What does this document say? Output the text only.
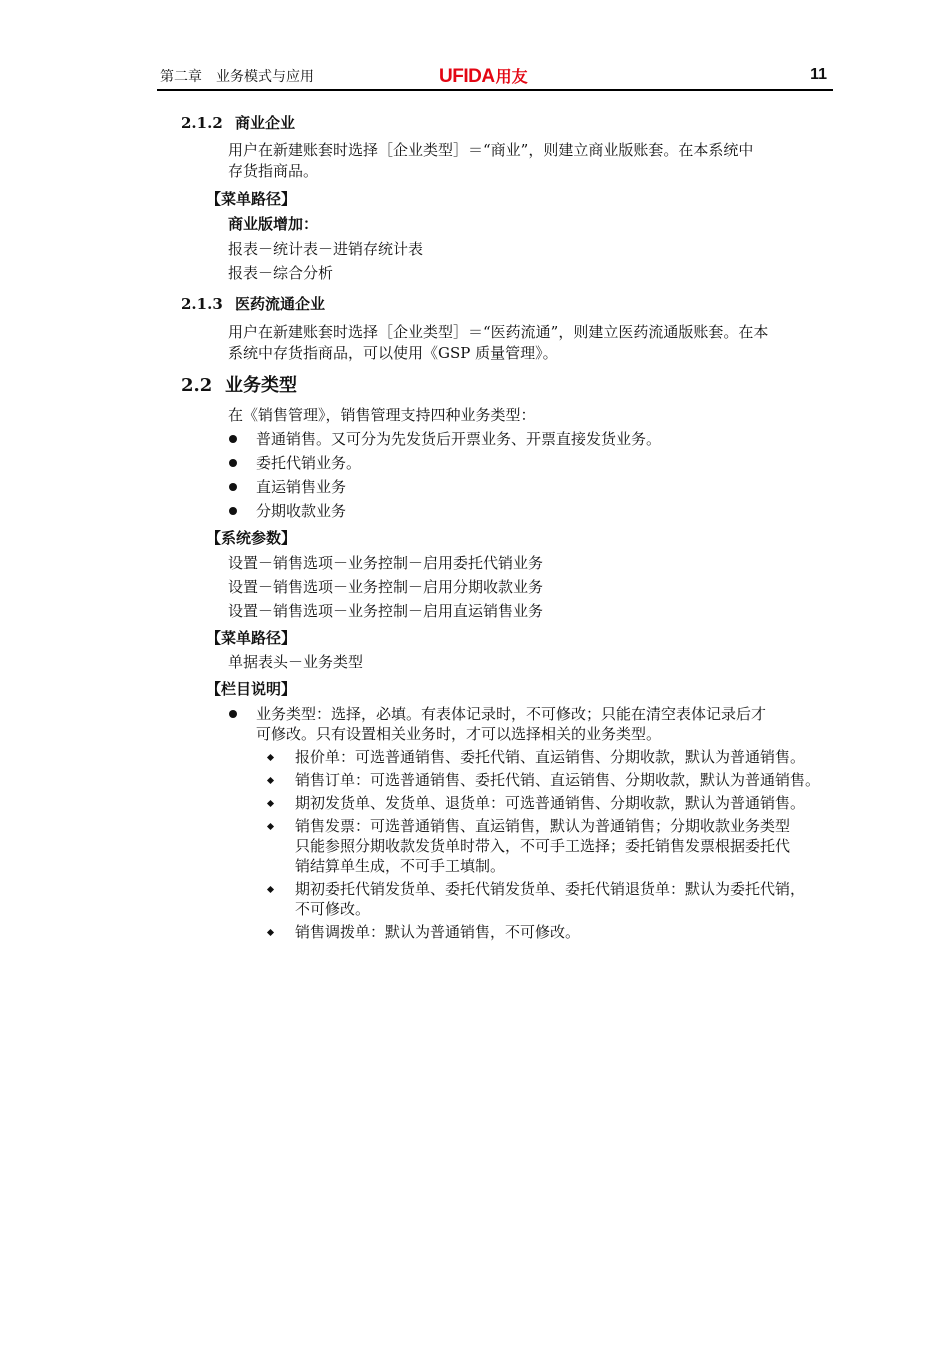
第二章　业务模式与应用	UFIDA用友	11
2.1.2 商业企业
用户在新建账套时选择［企业类型］＝“商业”，则建立商业版账套。在本系统中
存货指商品。
【菜单路径】
商业版增加：
报表－统计表－进销存统计表
报表－综合分析
2.1.3 医药流通企业
用户在新建账套时选择［企业类型］＝“医药流通”，则建立医药流通版账套。在本
系统中存货指商品，可以使用《GSP 质量管理》。
2.2 业务类型
在《销售管理》，销售管理支持四种业务类型：
普通销售。又可分为先发货后开票业务、开票直接发货业务。
委托代销业务。
直运销售业务
分期收款业务
【系统参数】
设置－销售选项－业务控制－启用委托代销业务
设置－销售选项－业务控制－启用分期收款业务
设置－销售选项－业务控制－启用直运销售业务
【菜单路径】
单据表头－业务类型
【栏目说明】
业务类型：选择，必填。有表体记录时，不可修改；只能在清空表体记录后才
可修改。只有设置相关业务时，才可以选择相关的业务类型。
报价单：可选普通销售、委托代销、直运销售、分期收款，默认为普通销售。
销售订单：可选普通销售、委托代销、直运销售、分期收款，默认为普通销售。
期初发货单、发货单、退货单：可选普通销售、分期收款，默认为普通销售。
销售发票：可选普通销售、直运销售，默认为普通销售；分期收款业务类型
只能参照分期收款发货单时带入，不可手工选择；委托销售发票根据委托代
销结算单生成，不可手工填制。
期初委托代销发货单、委托代销发货单、委托代销退货单：默认为委托代销，
不可修改。
销售调拨单：默认为普通销售，不可修改。
